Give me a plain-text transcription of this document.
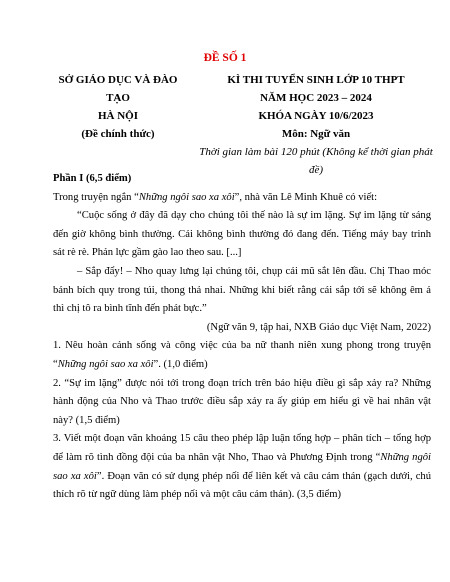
ĐỀ SỐ 1
SỞ GIÁO DỤC VÀ ĐÀO
TẠO
HÀ NỘI
(Đề chính thức)
KÌ THI TUYỂN SINH LỚP 10 THPT
NĂM HỌC 2023 – 2024
KHÓA NGÀY 10/6/2023
Môn: Ngữ văn
Thời gian làm bài 120 phút (Không kể thời gian phát đề)

Phần I (6,5 điểm)

Trong truyện ngắn “Những ngôi sao xa xôi”, nhà văn Lê Minh Khuê có viết:

“Cuộc sống ở đây đã dạy cho chúng tôi thế nào là sự im lặng. Sự im lặng từ sáng đến giờ không bình thường. Cái không bình thường đó đang đến. Tiếng máy bay trinh sát rè rè. Phản lực gầm gào lao theo sau. [...]

– Sắp đẩy! – Nho quay lưng lại chúng tôi, chụp cái mũ sắt lên đầu. Chị Thao móc bánh bích quy trong túi, thong thả nhai. Những khi biết rằng cái sắp tới sẽ không êm ả thì chị tô ra bình tĩnh đến phát bực.”

(Ngữ văn 9, tập hai, NXB Giáo dục Việt Nam, 2022)

1. Nêu hoàn cảnh sống và công việc của ba nữ thanh niên xung phong trong truyện “Những ngôi sao xa xôi”. (1,0 điểm)

2. “Sự im lặng” được nói tới trong đoạn trích trên báo hiệu điều gì sắp xảy ra? Những hành động của Nho và Thao trước điều sắp xảy ra ấy giúp em hiểu gì về hai nhân vật này? (1,5 điểm)

3. Viết một đoạn văn khoảng 15 câu theo phép lập luận tổng hợp – phân tích – tổng hợp để làm rõ tình đồng đội của ba nhân vật Nho, Thao và Phương Định trong “Những ngôi sao xa xôi”. Đoạn văn có sử dụng phép nối để liên kết và câu cảm thán (gạch dưới, chú thích rõ từ ngữ dùng làm phép nối và một câu cảm thán). (3,5 điểm)
